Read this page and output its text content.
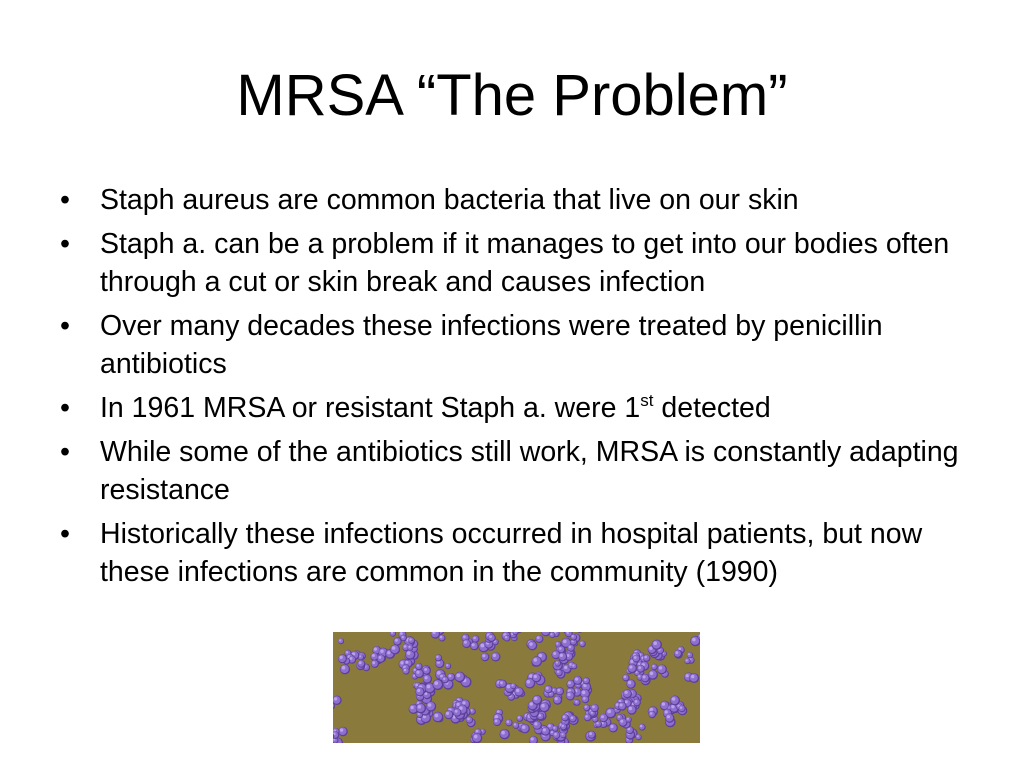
MRSA “The Problem”
• Staph aureus are common bacteria that live on our skin
• Staph a. can be a problem if it manages to get into our bodies often through a cut or skin break and causes infection
• Over many decades these infections were treated by penicillin antibiotics
• In 1961 MRSA or resistant Staph a. were 1st detected
• While some of the antibiotics still work, MRSA is constantly adapting resistance
• Historically these infections occurred in hospital patients, but now these infections are common in the community (1990)
